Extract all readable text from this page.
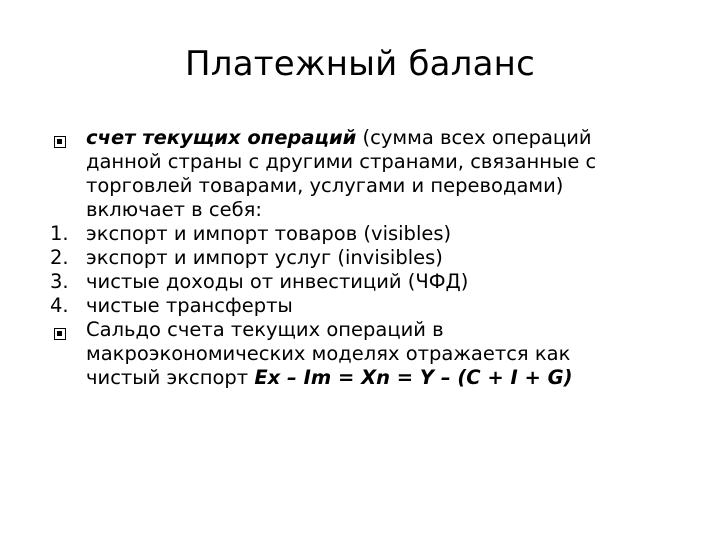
Платежный баланс
счет текущих операций (сумма всех операций
данной страны с другими странами, связанные с
торговлей товарами, услугами и переводами)
включает в себя:
1. экспорт и импорт товаров (visibles)
2. экспорт и импорт услуг (invisibles)
3. чистые доходы от инвестиций (ЧФД)
4. чистые трансферты
Сальдо счета текущих операций в
макроэкономических моделях отражается как
чистый экспорт Ex – Im = Xn = Y – (C + I + G)
